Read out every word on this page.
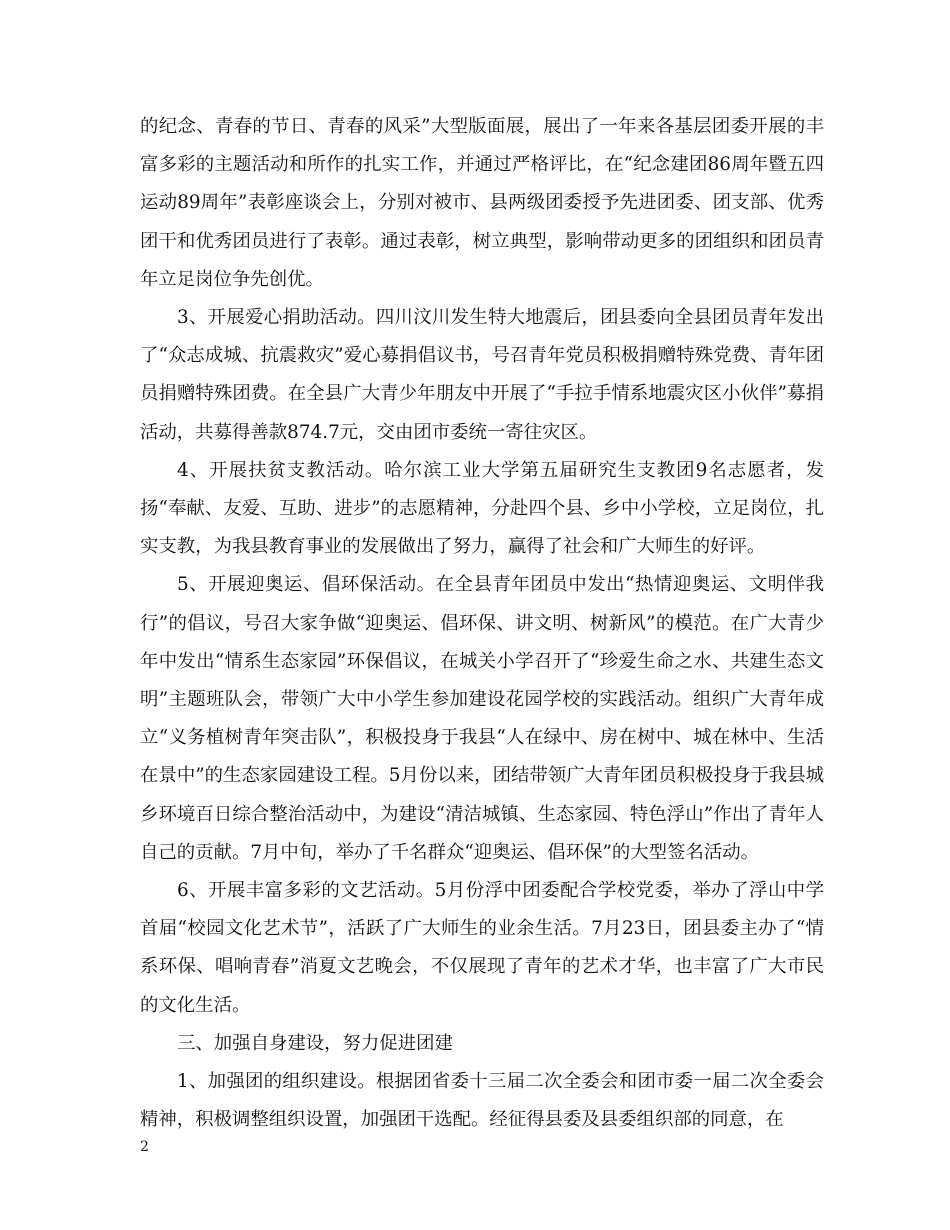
的纪念、青春的节日、青春的风采”大型版面展，展出了一年来各基层团委开展的丰富多彩的主题活动和所作的扎实工作，并通过严格评比，在“纪念建团86周年暨五四运动89周年”表彰座谈会上，分别对被市、县两级团委授予先进团委、团支部、优秀团干和优秀团员进行了表彰。通过表彰，树立典型，影响带动更多的团组织和团员青年立足岗位争先创优。

3、开展爱心捐助活动。四川汶川发生特大地震后，团县委向全县团员青年发出了“众志成城、抗震救灾”爱心募捐倡议书，号召青年党员积极捐赠特殊党费、青年团员捐赠特殊团费。在全县广大青少年朋友中开展了“手拉手情系地震灾区小伙伴”募捐活动，共募得善款874.7元，交由团市委统一寄往灾区。

4、开展扶贫支教活动。哈尔滨工业大学第五届研究生支教团9名志愿者，发扬“奉献、友爱、互助、进步”的志愿精神，分赴四个县、乡中小学校，立足岗位，扎实支教，为我县教育事业的发展做出了努力，赢得了社会和广大师生的好评。

5、开展迎奥运、倡环保活动。在全县青年团员中发出“热情迎奥运、文明伴我行”的倡议，号召大家争做“迎奥运、倡环保、讲文明、树新风”的模范。在广大青少年中发出“情系生态家园”环保倡议，在城关小学召开了“珍爱生命之水、共建生态文明”主题班队会，带领广大中小学生参加建设花园学校的实践活动。组织广大青年成立“义务植树青年突击队”，积极投身于我县“人在绿中、房在树中、城在林中、生活在景中”的生态家园建设工程。5月份以来，团结带领广大青年团员积极投身于我县城乡环境百日综合整治活动中，为建设“清洁城镇、生态家园、特色浮山”作出了青年人自己的贡献。7月中旬，举办了千名群众“迎奥运、倡环保”的大型签名活动。

6、开展丰富多彩的文艺活动。5月份浮中团委配合学校党委，举办了浮山中学首届“校园文化艺术节”，活跃了广大师生的业余生活。7月23日，团县委主办了“情系环保、唱响青春”消夏文艺晚会，不仅展现了青年的艺术才华，也丰富了广大市民的文化生活。

三、加强自身建设，努力促进团建

1、加强团的组织建设。根据团省委十三届二次全委会和团市委一届二次全委会精神，积极调整组织设置，加强团干选配。经征得县委及县委组织部的同意，在

2
